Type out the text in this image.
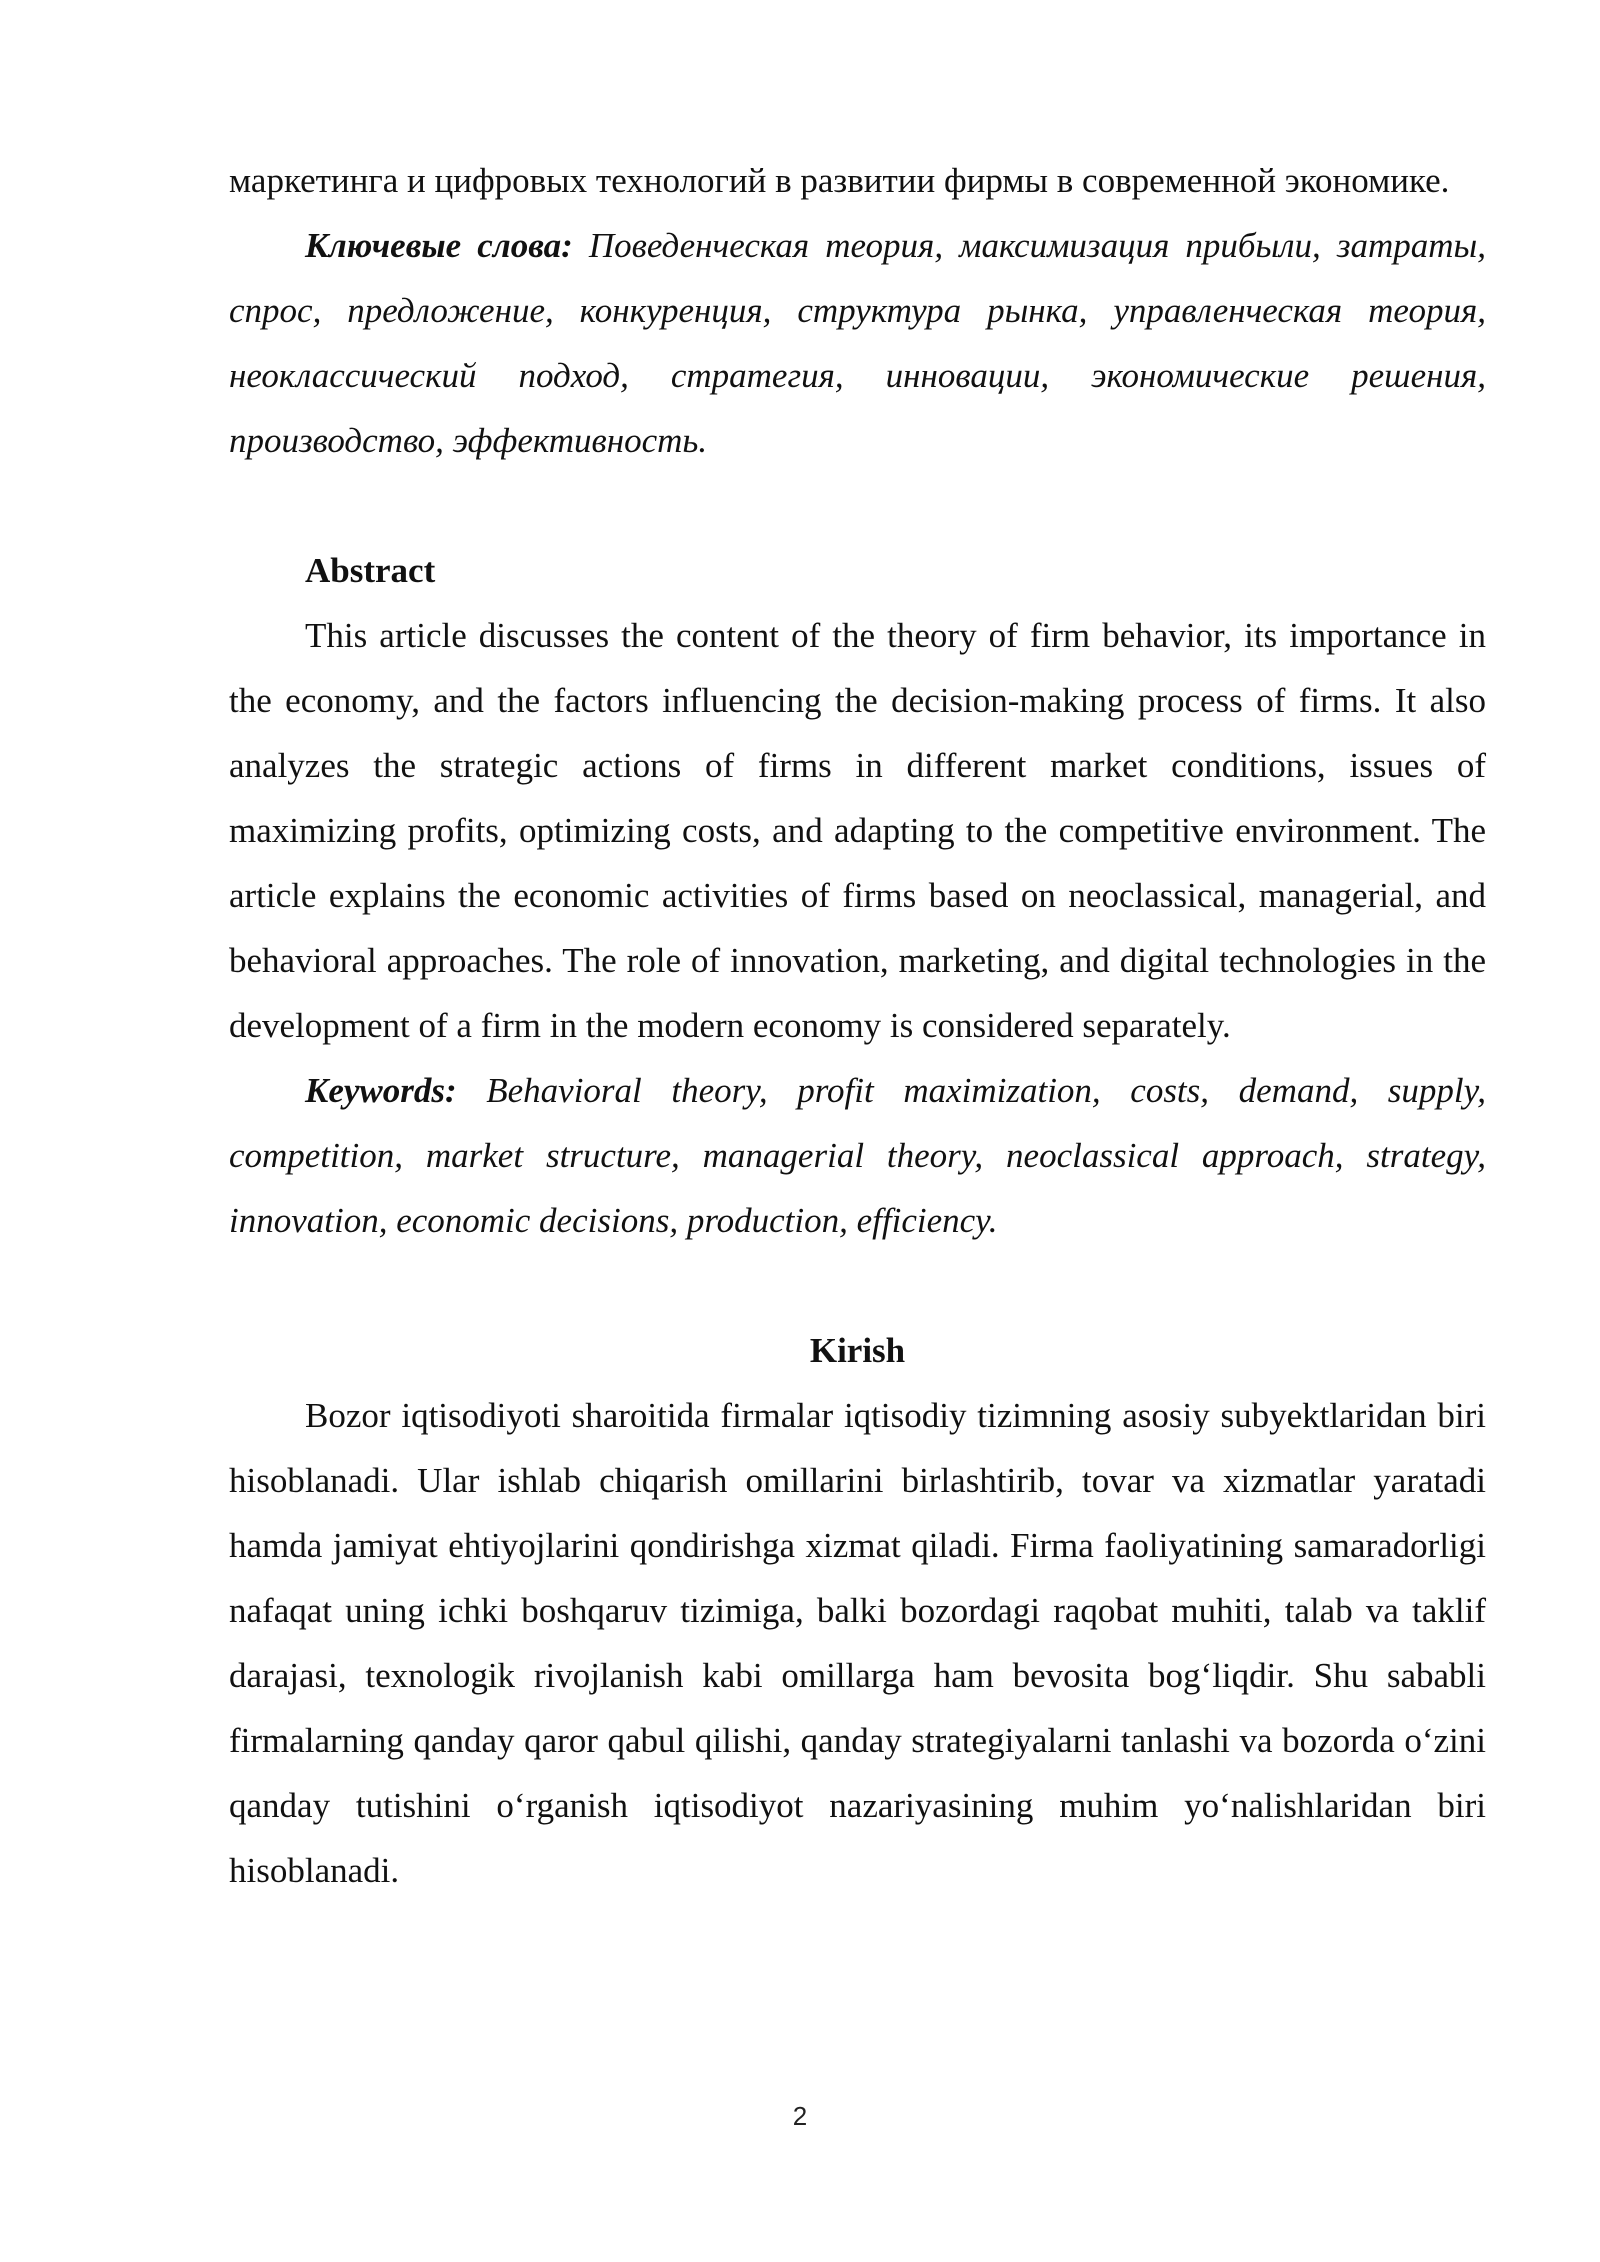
маркетинга и цифровых технологий в развитии фирмы в современной экономике.

Ключевые слова: Поведенческая теория, максимизация прибыли, затраты, спрос, предложение, конкуренция, структура рынка, управленческая теория, неоклассический подход, стратегия, инновации, экономические решения, производство, эффективность.

Abstract

This article discusses the content of the theory of firm behavior, its importance in the economy, and the factors influencing the decision-making process of firms. It also analyzes the strategic actions of firms in different market conditions, issues of maximizing profits, optimizing costs, and adapting to the competitive environment. The article explains the economic activities of firms based on neoclassical, managerial, and behavioral approaches. The role of innovation, marketing, and digital technologies in the development of a firm in the modern economy is considered separately.

Keywords: Behavioral theory, profit maximization, costs, demand, supply, competition, market structure, managerial theory, neoclassical approach, strategy, innovation, economic decisions, production, efficiency.

Kirish

Bozor iqtisodiyoti sharoitida firmalar iqtisodiy tizimning asosiy subyektlaridan biri hisoblanadi. Ular ishlab chiqarish omillarini birlashtirib, tovar va xizmatlar yaratadi hamda jamiyat ehtiyojlarini qondirishga xizmat qiladi. Firma faoliyatining samaradorligi nafaqat uning ichki boshqaruv tizimiga, balki bozordagi raqobat muhiti, talab va taklif darajasi, texnologik rivojlanish kabi omillarga ham bevosita bog‘liqdir. Shu sababli firmalarning qanday qaror qabul qilishi, qanday strategiyalarni tanlashi va bozorda o‘zini qanday tutishini o‘rganish iqtisodiyot nazariyasining muhim yo‘nalishlaridan biri hisoblanadi.

2
